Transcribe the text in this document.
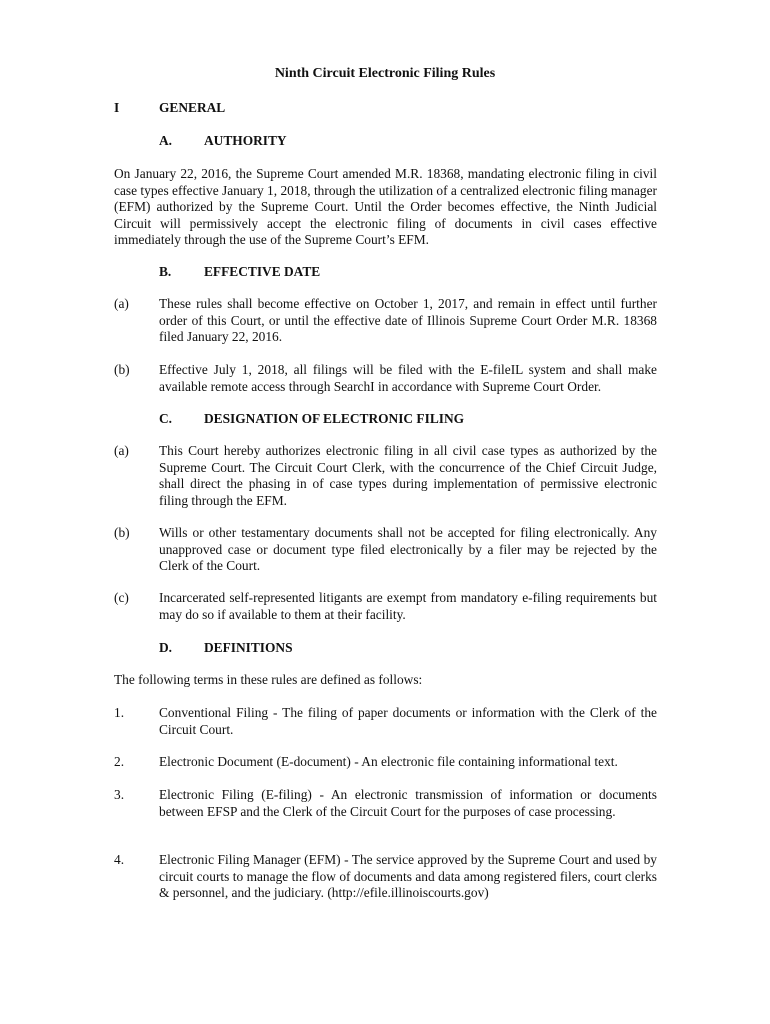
Ninth Circuit Electronic Filing Rules
I	GENERAL
A. AUTHORITY
On January 22, 2016, the Supreme Court amended M.R. 18368, mandating electronic filing in civil case types effective January 1, 2018, through the utilization of a centralized electronic filing manager (EFM) authorized by the Supreme Court. Until the Order becomes effective, the Ninth Judicial Circuit will permissively accept the electronic filing of documents in civil cases effective immediately through the use of the Supreme Court’s EFM.
B. EFFECTIVE DATE
(a) These rules shall become effective on October 1, 2017, and remain in effect until further order of this Court, or until the effective date of Illinois Supreme Court Order M.R. 18368 filed January 22, 2016.
(b) Effective July 1, 2018, all filings will be filed with the E-fileIL system and shall make available remote access through SearchI in accordance with Supreme Court Order.
C. DESIGNATION OF ELECTRONIC FILING
(a) This Court hereby authorizes electronic filing in all civil case types as authorized by the Supreme Court. The Circuit Court Clerk, with the concurrence of the Chief Circuit Judge, shall direct the phasing in of case types during implementation of permissive electronic filing through the EFM.
(b) Wills or other testamentary documents shall not be accepted for filing electronically. Any unapproved case or document type filed electronically by a filer may be rejected by the Clerk of the Court.
(c) Incarcerated self-represented litigants are exempt from mandatory e-filing requirements but may do so if available to them at their facility.
D. DEFINITIONS
The following terms in these rules are defined as follows:
1.	Conventional Filing - The filing of paper documents or information with the Clerk of the Circuit Court.
2.	Electronic Document (E-document) - An electronic file containing informational text.
3.	Electronic Filing (E-filing) - An electronic transmission of information or documents between EFSP and the Clerk of the Circuit Court for the purposes of case processing.
4.	Electronic Filing Manager (EFM) - The service approved by the Supreme Court and used by circuit courts to manage the flow of documents and data among registered filers, court clerks & personnel, and the judiciary. (http://efile.illinoiscourts.gov)
